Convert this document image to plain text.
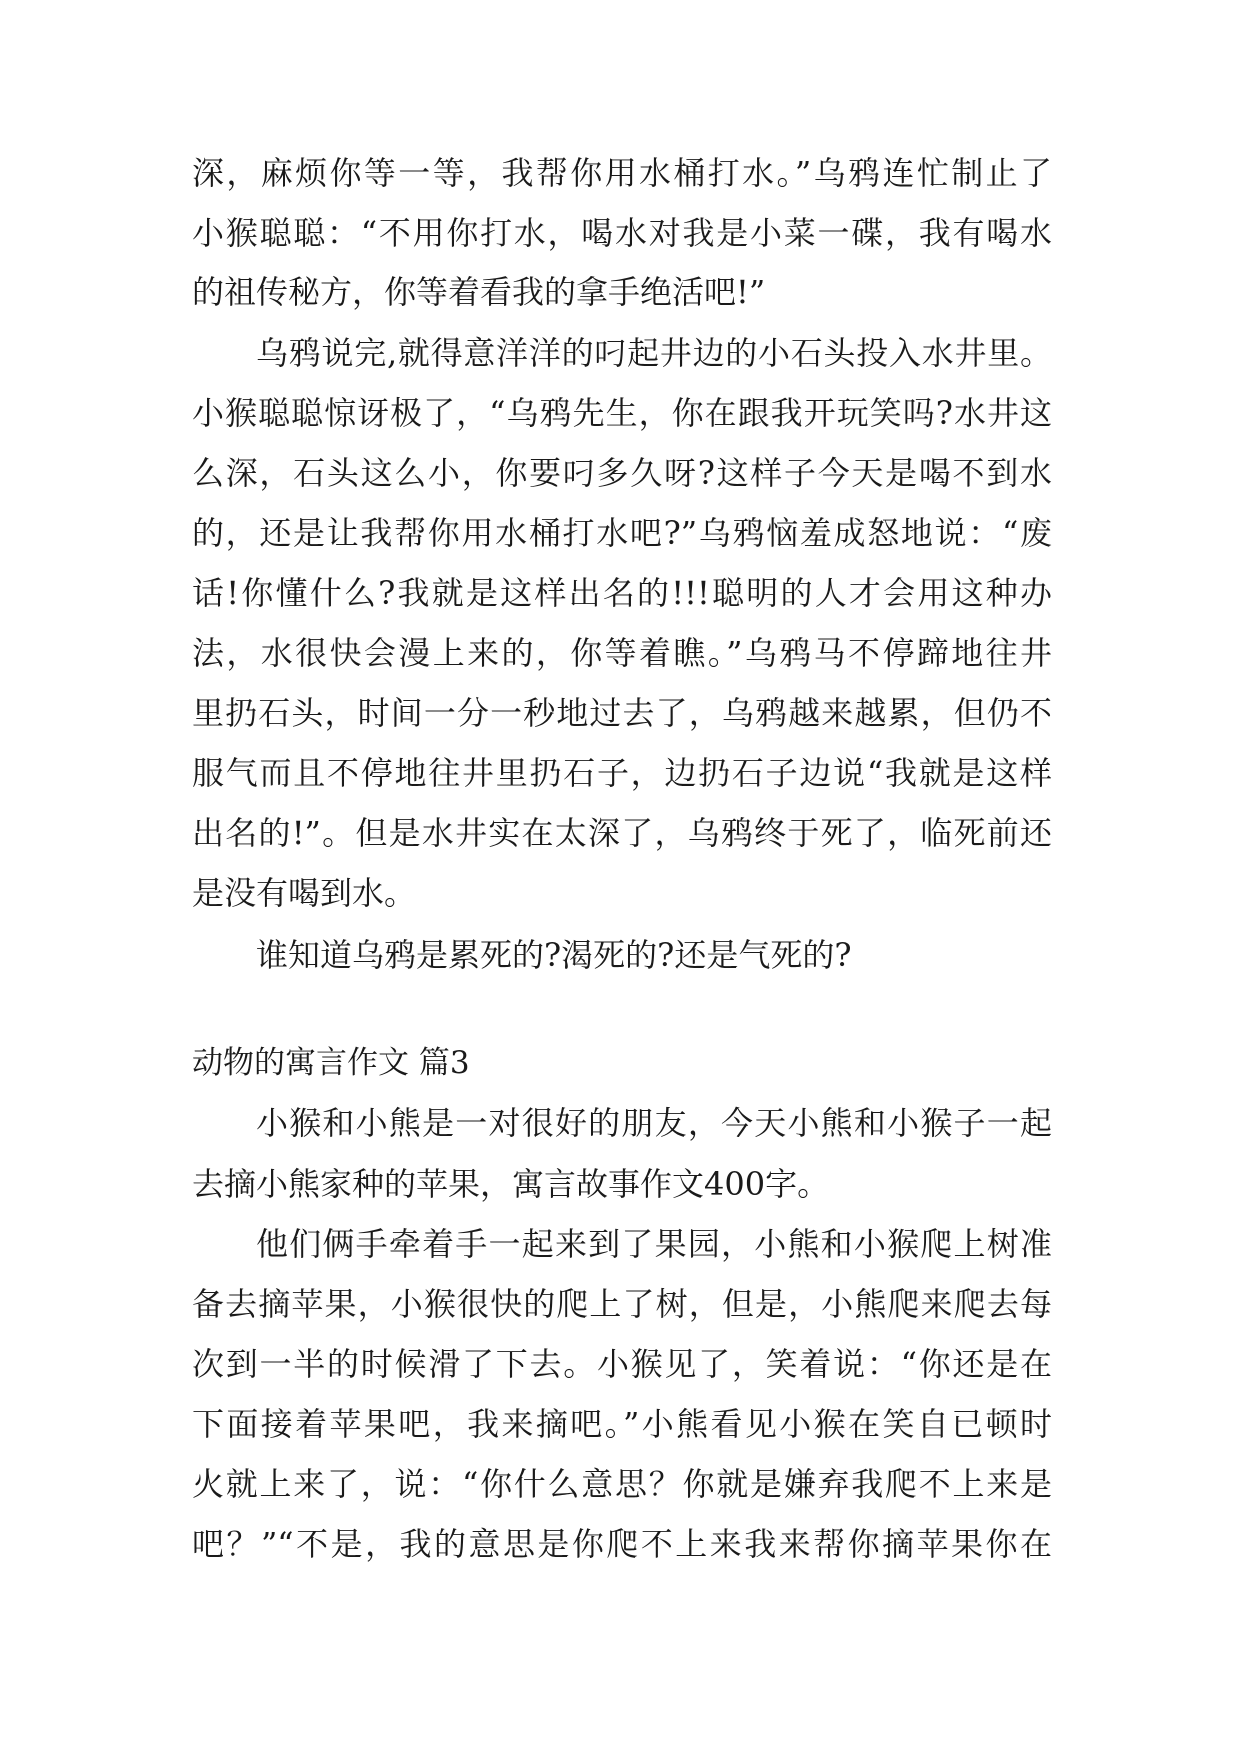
深，麻烦你等一等，我帮你用水桶打水。”乌鸦连忙制止了
小猴聪聪：“不用你打水，喝水对我是小菜一碟，我有喝水
的祖传秘方，你等着看我的拿手绝活吧!”
乌鸦说完,就得意洋洋的叼起井边的小石头投入水井里。
小猴聪聪惊讶极了，“乌鸦先生，你在跟我开玩笑吗?水井这
么深，石头这么小，你要叼多久呀?这样子今天是喝不到水
的，还是让我帮你用水桶打水吧?”乌鸦恼羞成怒地说：“废
话!你懂什么?我就是这样出名的!!!聪明的人才会用这种办
法，水很快会漫上来的，你等着瞧。”乌鸦马不停蹄地往井
里扔石头，时间一分一秒地过去了，乌鸦越来越累，但仍不
服气而且不停地往井里扔石子，边扔石子边说“我就是这样
出名的!”。但是水井实在太深了，乌鸦终于死了，临死前还
是没有喝到水。
谁知道乌鸦是累死的?渴死的?还是气死的?
动物的寓言作文 篇3
小猴和小熊是一对很好的朋友，今天小熊和小猴子一起
去摘小熊家种的苹果，寓言故事作文400字。
他们俩手牵着手一起来到了果园，小熊和小猴爬上树准
备去摘苹果，小猴很快的爬上了树，但是，小熊爬来爬去每
次到一半的时候滑了下去。小猴见了，笑着说：“你还是在
下面接着苹果吧，我来摘吧。”小熊看见小猴在笑自已顿时
火就上来了，说：“你什么意思？你就是嫌弃我爬不上来是
吧？”“不是，我的意思是你爬不上来我来帮你摘苹果你在
